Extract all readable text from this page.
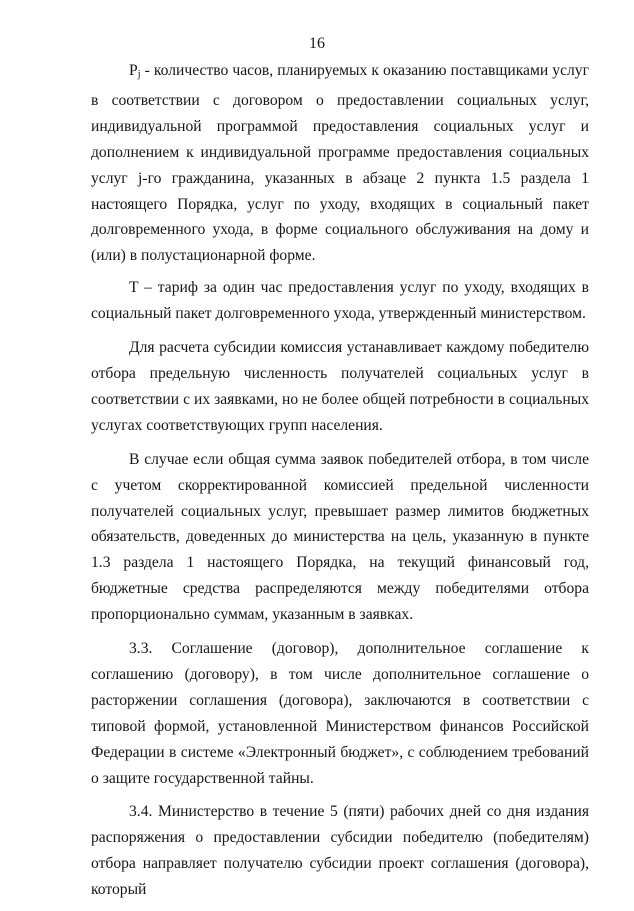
16

$P_j$ - количество часов, планируемых к оказанию поставщиками услуг в соответствии с договором о предоставлении социальных услуг, индивидуальной программой предоставления социальных услуг и дополнением к индивидуальной программе предоставления социальных услуг j-го гражданина, указанных в абзаце 2 пункта 1.5 раздела 1 настоящего Порядка, услуг по уходу, входящих в социальный пакет долговременного ухода, в форме социального обслуживания на дому и (или) в полустационарной форме.

T – тариф за один час предоставления услуг по уходу, входящих в социальный пакет долговременного ухода, утвержденный министерством.

Для расчета субсидии комиссия устанавливает каждому победителю отбора предельную численность получателей социальных услуг в соответствии с их заявками, но не более общей потребности в социальных услугах соответствующих групп населения.

В случае если общая сумма заявок победителей отбора, в том числе с учетом скорректированной комиссией предельной численности получателей социальных услуг, превышает размер лимитов бюджетных обязательств, доведенных до министерства на цель, указанную в пункте 1.3 раздела 1 настоящего Порядка, на текущий финансовый год, бюджетные средства распределяются между победителями отбора пропорционально суммам, указанным в заявках.

3.3. Соглашение (договор), дополнительное соглашение к соглашению (договору), в том числе дополнительное соглашение о расторжении соглашения (договора), заключаются в соответствии с типовой формой, установленной Министерством финансов Российской Федерации в системе «Электронный бюджет», с соблюдением требований о защите государственной тайны.

3.4. Министерство в течение 5 (пяти) рабочих дней со дня издания распоряжения о предоставлении субсидии победителю (победителям) отбора направляет получателю субсидии проект соглашения (договора), который
